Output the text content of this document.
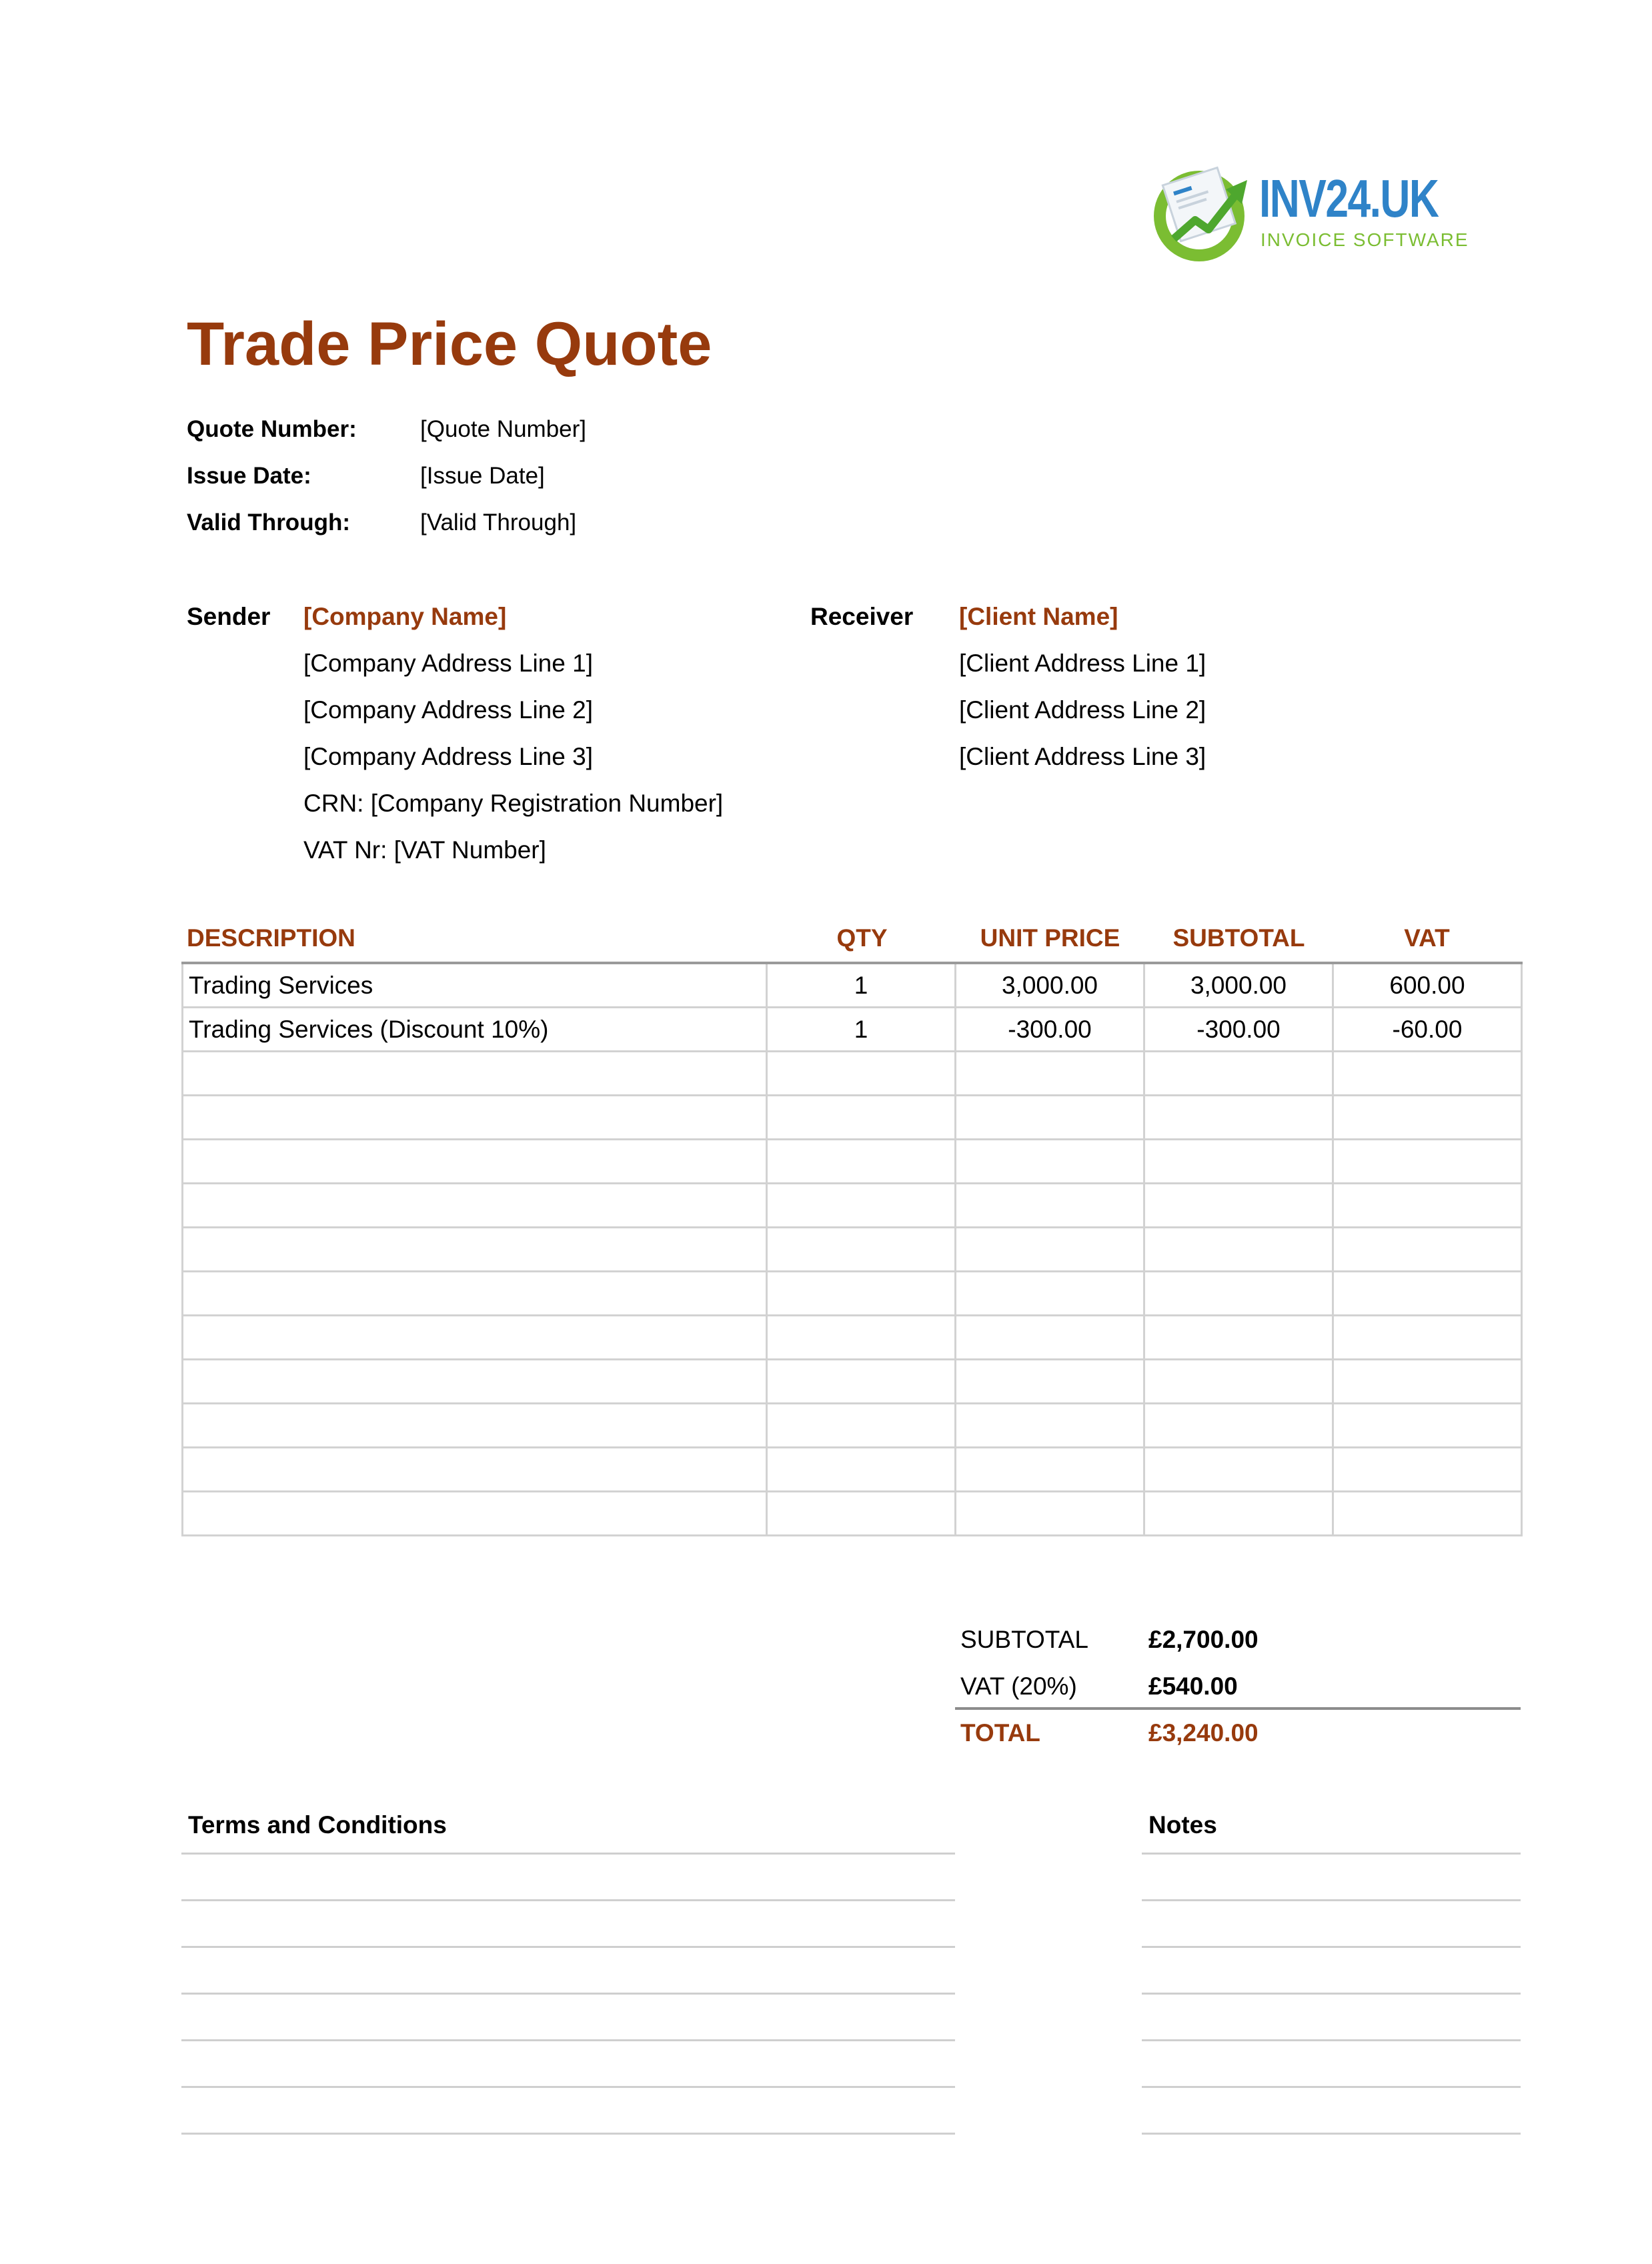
INV24.UK
INVOICE SOFTWARE
Trade Price Quote
Quote Number:	[Quote Number]
Issue Date:	[Issue Date]
Valid Through:	[Valid Through]
Sender [Company Name]
[Company Address Line 1]
[Company Address Line 2]
[Company Address Line 3]
CRN: [Company Registration Number]
VAT Nr: [VAT Number]
Receiver [Client Name]
[Client Address Line 1]
[Client Address Line 2]
[Client Address Line 3]
DESCRIPTION	QTY	UNIT PRICE	SUBTOTAL	VAT
Trading Services	1	3,000.00	3,000.00	600.00
Trading Services (Discount 10%)	1	-300.00	-300.00	-60.00

SUBTOTAL £2,700.00
VAT (20%)	£540.00
TOTAL	£3,240.00
Terms and Conditions	Notes
